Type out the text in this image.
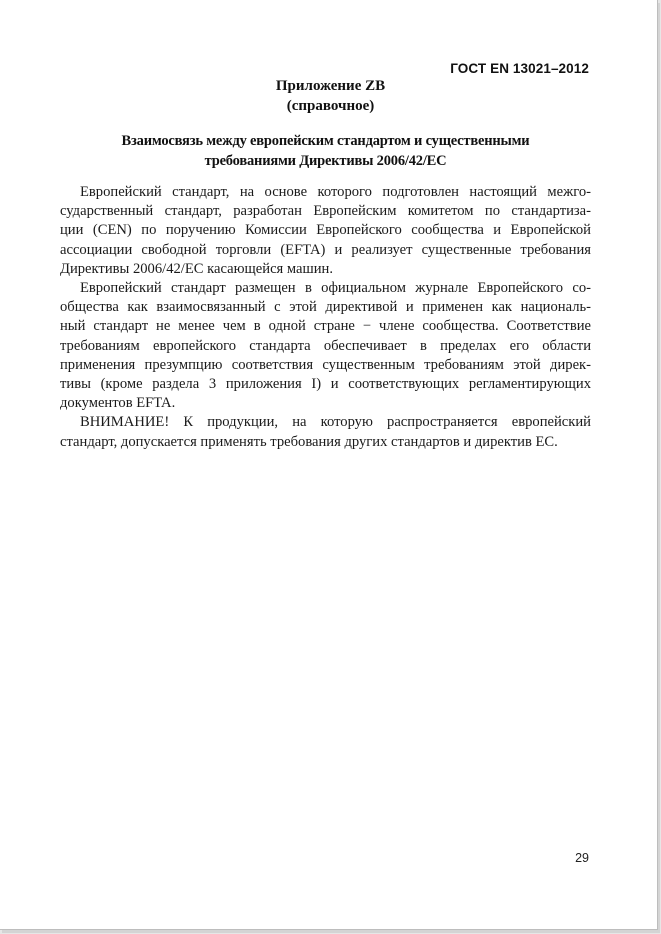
ГОСТ EN 13021–2012
Приложение ZB
(справочное)
Взаимосвязь между европейским стандартом и существенными
требованиями Директивы 2006/42/ЕС
Европейский стандарт, на основе которого подготовлен настоящий межго-
сударственный стандарт, разработан Европейским комитетом по стандартиза-
ции (CEN) по поручению Комиссии Европейского сообщества и Европейской
ассоциации свободной торговли (EFTA) и реализует существенные требования
Директивы 2006/42/ЕС касающейся машин.
Европейский стандарт размещен в официальном журнале Европейского со-
общества как взаимосвязанный с этой директивой и применен как националь-
ный стандарт не менее чем в одной стране − члене сообщества. Соответствие
требованиям европейского стандарта обеспечивает в пределах его области
применения презумпцию соответствия существенным требованиям этой дирек-
тивы (кроме раздела 3 приложения I) и соответствующих регламентирующих
документов EFTA.
ВНИМАНИЕ! К продукции, на которую распространяется европейский
стандарт, допускается применять требования других стандартов и директив ЕС.
29
